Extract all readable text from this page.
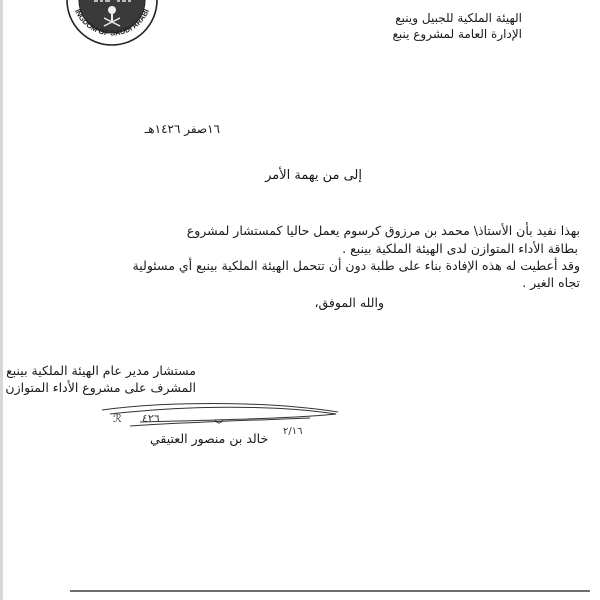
INGDOM OF SAUDI ARABI
الهيئة الملكية للجبيل وينبع
الإدارة العامة لمشروع ينبع
١٦صفر ١٤٢٦هـ
إلى من يهمة الأمر
بهذا نفيد بأن الأستاذ\ محمد بن مرزوق كرسوم يعمل حاليا كمستشار لمشروع
بطاقة الأداء المتوازن لدى الهيئة الملكية بينبع .
وقد أعطيت له هذه الإفادة بناء على طلبة دون أن تتحمل الهيئة الملكية بينبع أي مسئولية
تجاه الغير .
والله الموفق،
مستشار مدير عام الهيئة الملكية بينبع
المشرف على مشروع الأداء المتوازن
ℛ ٤٢٦
٢/١٦
خالد بن منصور العتيقي
